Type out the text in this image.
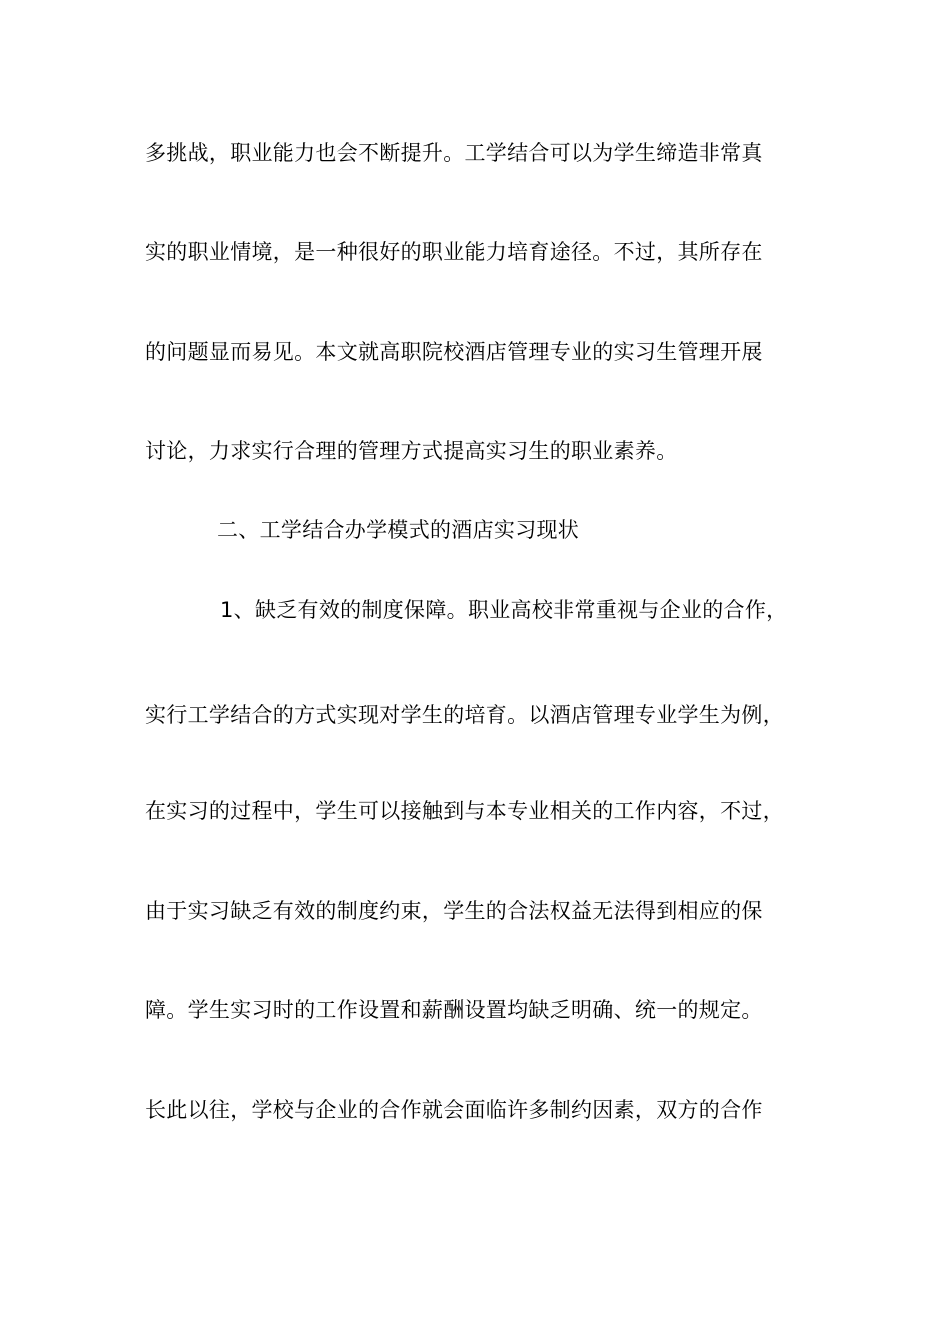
多挑战，职业能力也会不断提升。工学结合可以为学生缔造非常真
实的职业情境，是一种很好的职业能力培育途径。不过，其所存在
的问题显而易见。本文就高职院校酒店管理专业的实习生管理开展
讨论，力求实行合理的管理方式提高实习生的职业素养。
二、工学结合办学模式的酒店实习现状
1、缺乏有效的制度保障。职业高校非常重视与企业的合作，
实行工学结合的方式实现对学生的培育。以酒店管理专业学生为例，
在实习的过程中，学生可以接触到与本专业相关的工作内容，不过，
由于实习缺乏有效的制度约束，学生的合法权益无法得到相应的保
障。学生实习时的工作设置和薪酬设置均缺乏明确、统一的规定。
长此以往，学校与企业的合作就会面临许多制约因素，双方的合作
